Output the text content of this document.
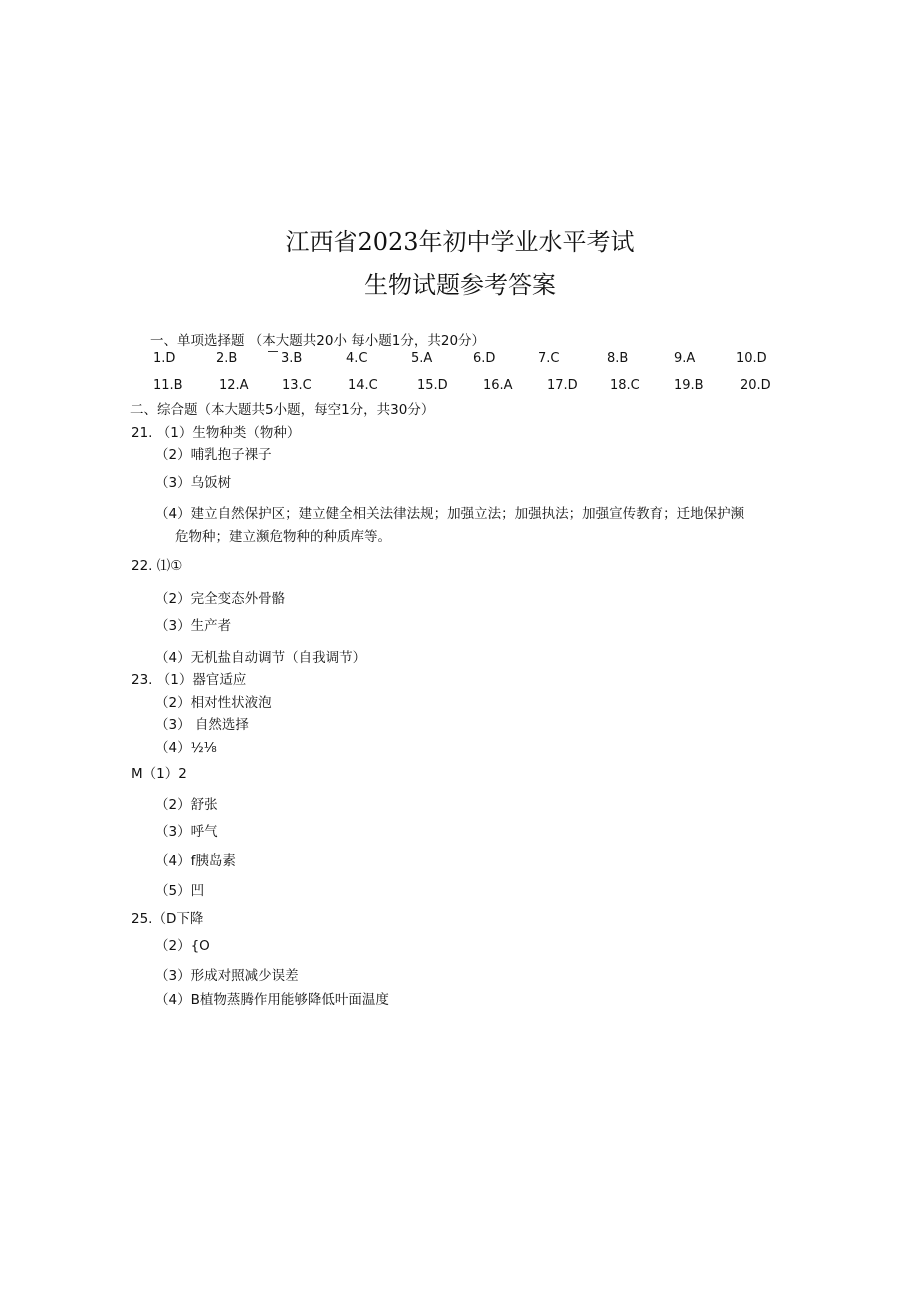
江西省2023年初中学业水平考试
生物试题参考答案
一、单项选择题 （本大题共20小 每小题1分，共20分）
1.D	2.B	3.B	4.C	5.A	6.D	7.C	8.B	9.A	10.D
11.B	12.A	13.C	14.C	15.D	16.A	17.D 18.C	19.B	20.D
二、综合题（本大题共5小题，每空1分，共30分）
21. （1）生物种类（物种）
（2）哺乳抱子裸子
（3）乌饭树
（4）建立自然保护区；建立健全相关法律法规；加强立法；加强执法；加强宣传教育；迁地保护濒
危物种；建立濒危物种的种质库等。
22. ⑴①
（2）完全变态外骨骼
（3）生产者
（4）无机盐自动调节（自我调节）
23. （1）器官适应
（2）相对性状液泡
（3） 自然选择
（4）½⅛
M（1）2
（2）舒张
（3）呼气
（4）f胰岛素
（5）凹
25.（D下降
（2）{O
（3）形成对照减少误差
（4）B植物蒸腾作用能够降低叶面温度
